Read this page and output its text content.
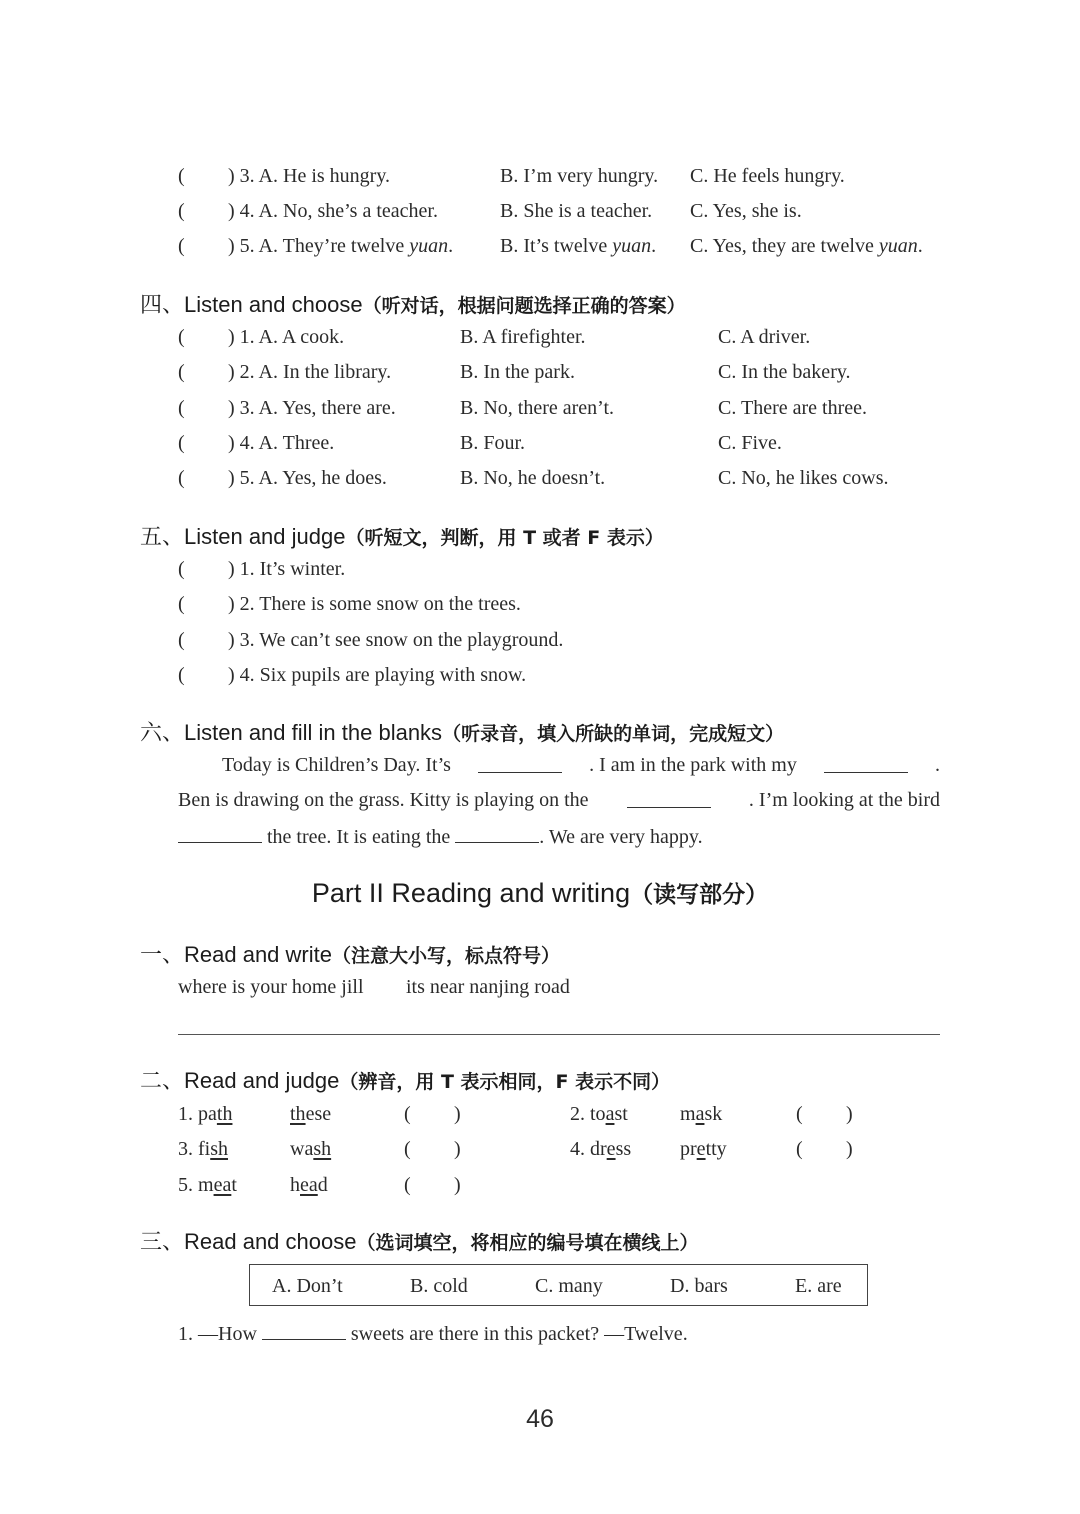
( ) 3. A. He is hungry.	B. I’m very hungry. C. He feels hungry.
( ) 4. A. No, she’s a teacher.	B. She is a teacher. C. Yes, she is.
( ) 5. A. They’re twelve yuan. B. It’s twelve yuan. C. Yes, they are twelve yuan.
四、Listen and choose（听对话，根据问题选择正确的答案）
( ) 1. A. A cook.	B. A firefighter.	C. A driver.
( ) 2. A. In the library.	B. In the park.	C. In the bakery.
( ) 3. A. Yes, there are.	B. No, there aren’t.	C. There are three.
( ) 4. A. Three.	B. Four.	C. Five.
( ) 5. A. Yes, he does.	B. No, he doesn’t.	C. No, he likes cows.
五、Listen and judge（听短文，判断，用 T 或者 F 表示）
( ) 1. It’s winter.
( ) 2. There is some snow on the trees.
( ) 3. We can’t see snow on the playground.
( ) 4. Six pupils are playing with snow.
六、Listen and fill in the blanks（听录音，填入所缺的单词，完成短文）
Today is Children’s Day. It’s	. I am in the park with my	.
Ben is drawing on the grass. Kitty is playing on the	. I’m looking at the bird
the tree. It is eating the	. We are very happy.
Part II Reading and writing（读写部分）
一、Read and write（注意大小写，标点符号）
where is your home jill its near nanjing road
二、Read and judge（辨音，用 T 表示相同，F 表示不同）
1. path	these	( )	2. toast	mask	( )
3. fish	wash	( )	4. dress pretty	( )
5. meat	head	( )
三、Read and choose（选词填空，将相应的编号填在横线上）
A. Don’t	B. cold	C. many	D. bars	E. are
1. —How	sweets are there in this packet? —Twelve.
46
